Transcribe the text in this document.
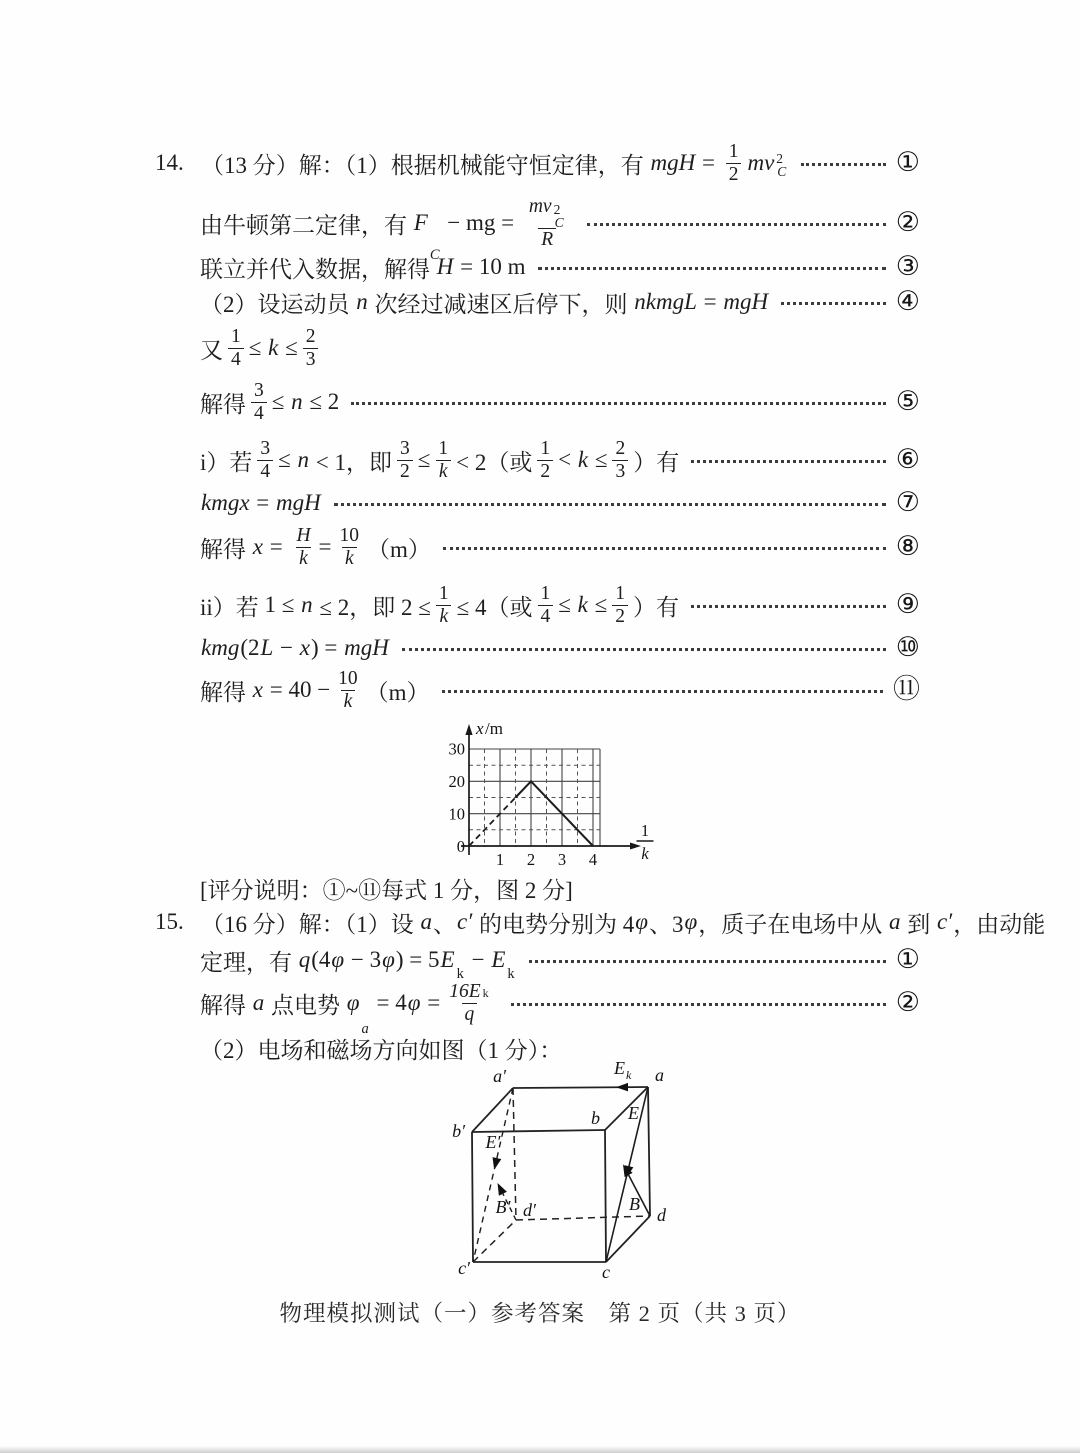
14. （13 分）解：（1）根据机械能守恒定律，有 mgH = $\frac{1}{2}$ mv 2
C	①
由牛顿第二定律，有 F
C
− mg = mv 2
C
R	②
联立并代入数据，解得 H = 10 m	③
（2）设运动员 n 次经过减速区后停下，则 nkmgL = mgH	④
又 $\frac{1}{4} \le k \le \frac{2}{3}$
解得 $\frac{3}{4} \le n \le 2$	⑤
i）若 $\frac{3}{4} \le n < 1$，即 $\frac{3}{2} \le \frac{1}{k} < 2$（或 $\frac{1}{2} < k \le \frac{2}{3}$ ）有	⑥
kmgx = mgH	⑦
解得 $x = \frac{H}{k} = \frac{10}{k} (m)$	⑧
ii）若 1 ≤ n ≤ 2，即 $2 \le \frac{1}{k} \le 4$（或 $\frac{1}{4} \le k \le \frac{1}{2}$ ）有	⑨
kmg (2 L − x ) = mgH	⑩
解得 $x = 40 - \frac{10}{k} (m)$	⑪
30
20
10
0
1 2 3 4
x /m
1
k
[评分说明：①~⑪每式 1 分，图 2 分]
15. （16 分）解：（1）设 a 、 c′ 的电势分别为 4 φ 、3 φ ，质子在电场中从 a 到 c′ ，由动能
定理，有 q (4 φ − 3 φ ) = 5 E
k
− E
k	①
解得 a 点电势 φ
a
= 4 $\varphi = \frac{\text{16E k}}{q}$	②
（2）电场和磁场方向如图（1 分）：
a′	a
b′
b
d′	d
c′	c
E k
E
B
E′
B′
物理模拟测试（一）参考答案　第 2 页（共 3 页）
